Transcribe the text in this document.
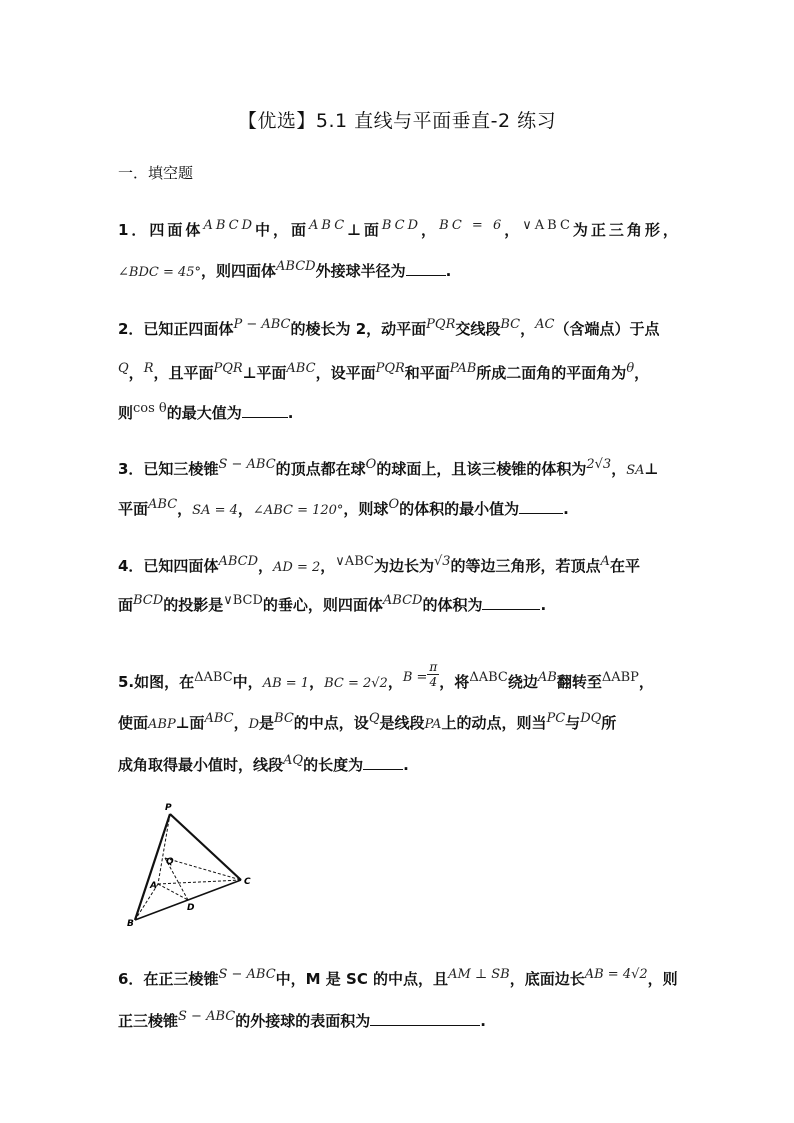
【优选】5.1 直线与平面垂直-2 练习
一．填空题
1．四面体ABCD中，面ABC⊥面BCD，BC = 6，∨ABC为正三角形，
∠BDC = 45°，则四面体ABCD外接球半径为	.
2．已知正四面体P − ABC的棱长为 2，动平面PQR交线段BC，AC（含端点）于点
Q，R，且平面PQR⊥平面ABC，设平面PQR和平面PAB所成二面角的平面角为θ，
则cos θ的最大值为	.
3．已知三棱锥S − ABC的顶点都在球O的球面上，且该三棱锥的体积为2√3，SA⊥
平面ABC，SA = 4，∠ABC = 120°，则球O的体积的最小值为	.
4．已知四面体ABCD，AD = 2，∨ABC为边长为√3的等边三角形，若顶点A在平
面BCD的投影是∨BCD的垂心，则四面体ABCD的体积为	.
5.如图，在ΔABC中，AB = 1，BC = 2√2，$B = \frac{\pi}{4}$ ，将ΔABC绕边AB翻转至ΔABP，
使面ABP⊥面ABC，D是BC的中点，设Q是线段PA上的动点，则当PC与DQ所
成角取得最小值时，线段AQ的长度为	.
P
Q
A	C
D
B
6．在正三棱锥S − ABC中，M 是 SC 的中点，且AM ⊥ SB，底面边长AB = 4√2，则
正三棱锥S − ABC的外接球的表面积为	.
